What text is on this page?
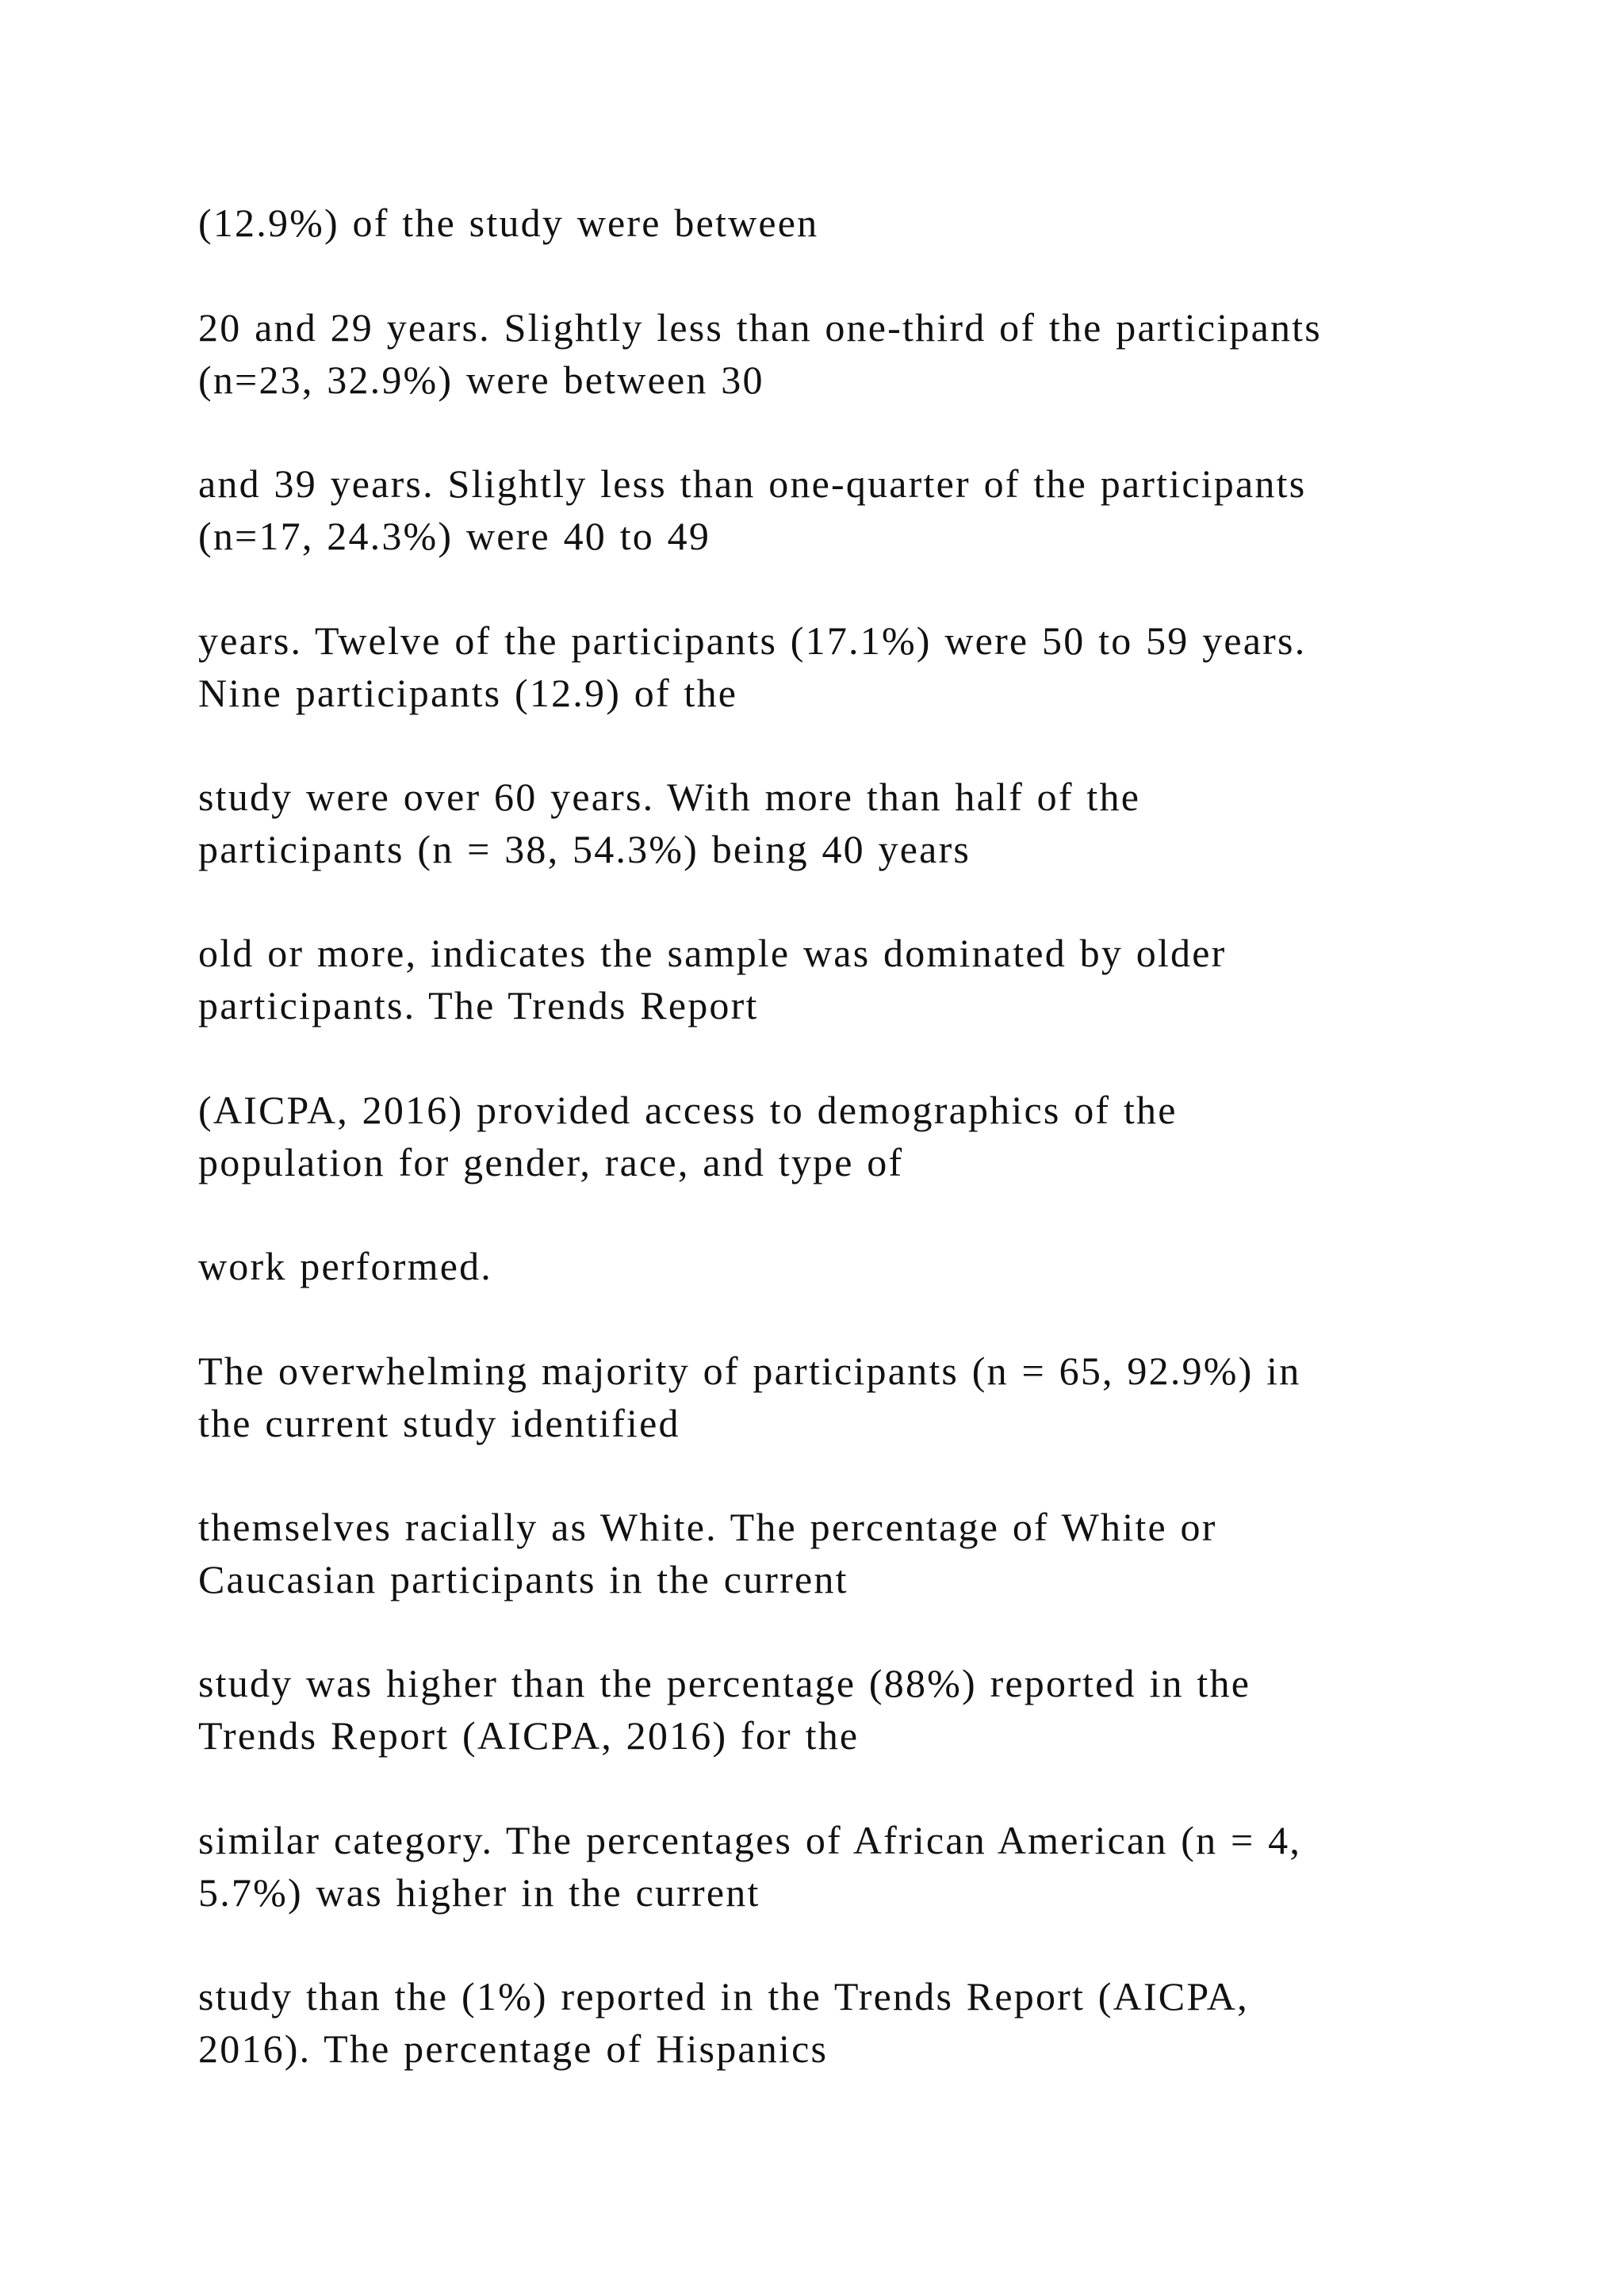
(12.9%) of the study were between

20 and 29 years. Slightly less than one-third of the participants

(n=23, 32.9%) were between 30

and 39 years. Slightly less than one-quarter of the participants

(n=17, 24.3%) were 40 to 49

years. Twelve of the participants (17.1%) were 50 to 59 years.

Nine participants (12.9) of the

study were over 60 years. With more than half of the

participants (n = 38, 54.3%) being 40 years

old or more, indicates the sample was dominated by older

participants. The Trends Report

(AICPA, 2016) provided access to demographics of the

population for gender, race, and type of

work performed.

The overwhelming majority of participants (n = 65, 92.9%) in

the current study identified

themselves racially as White. The percentage of White or

Caucasian participants in the current

study was higher than the percentage (88%) reported in the

Trends Report (AICPA, 2016) for the

similar category. The percentages of African American (n = 4,

5.7%) was higher in the current

study than the (1%) reported in the Trends Report (AICPA,

2016). The percentage of Hispanics
